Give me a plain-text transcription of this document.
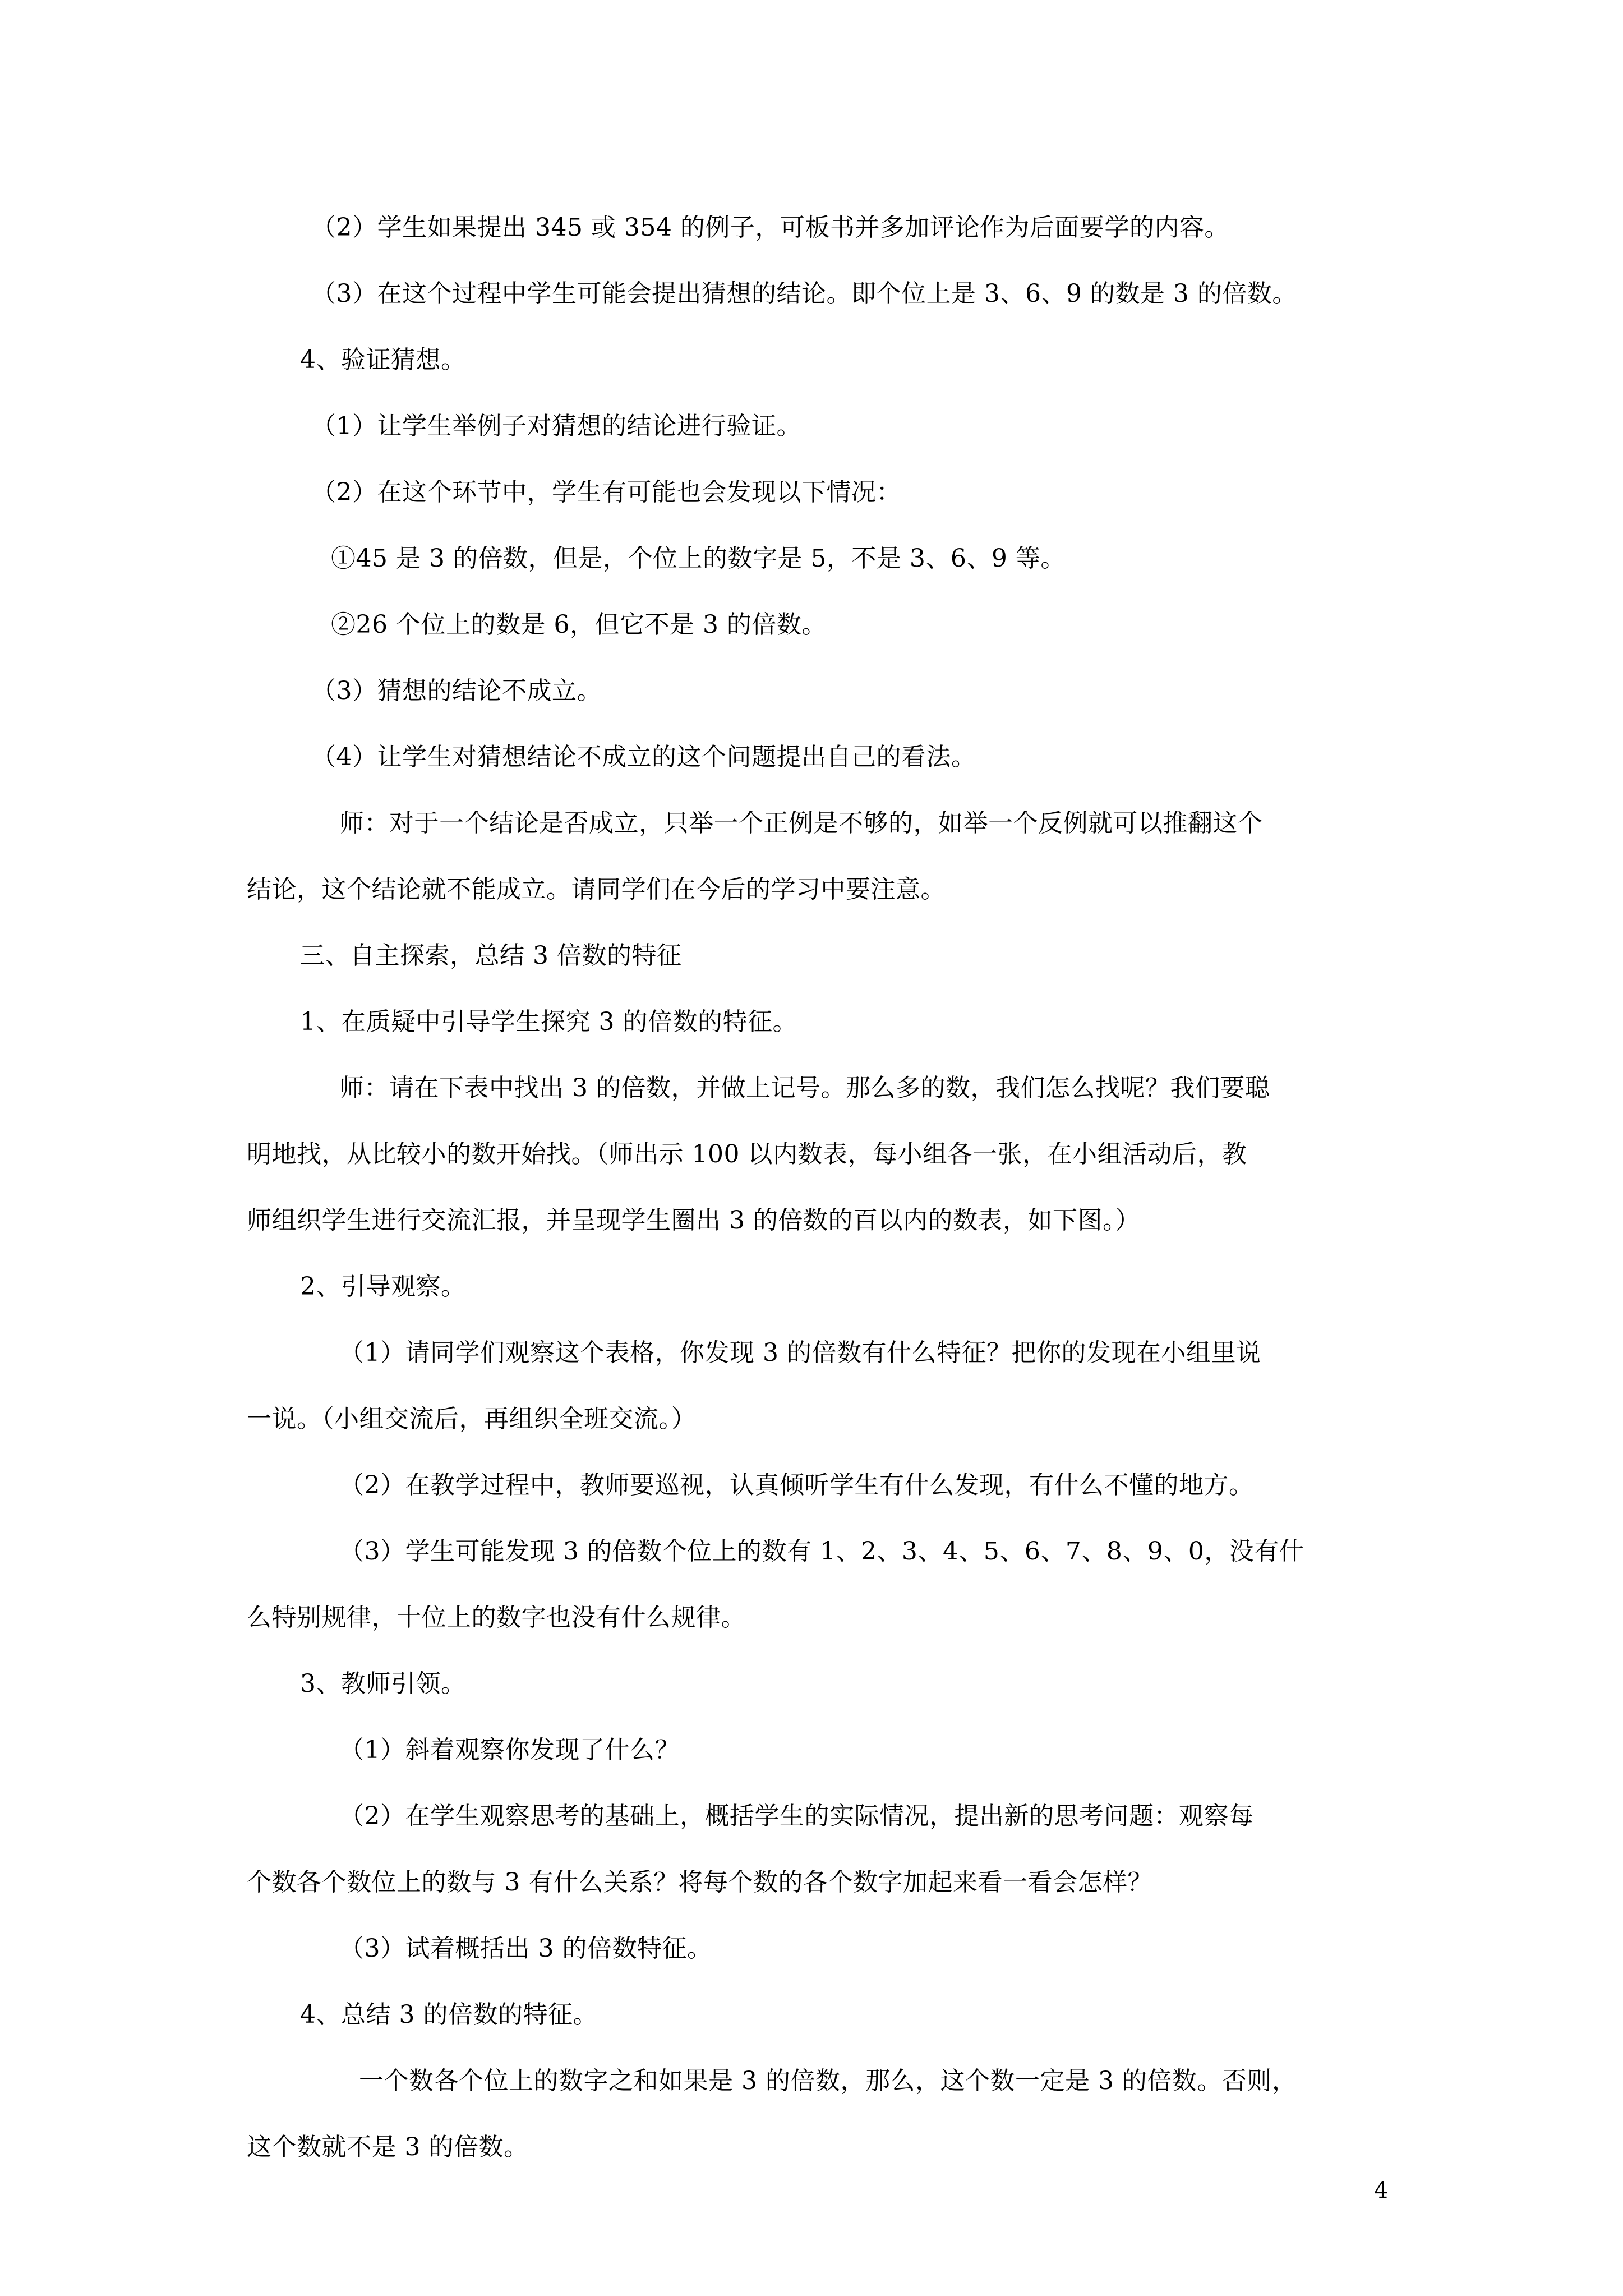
（2）学生如果提出 345 或 354 的例子，可板书并多加评论作为后面要学的内容。
（3）在这个过程中学生可能会提出猜想的结论。即个位上是 3、6、9 的数是 3 的倍数。
4、验证猜想。
（1）让学生举例子对猜想的结论进行验证。
（2）在这个环节中，学生有可能也会发现以下情况：
①45 是 3 的倍数，但是，个位上的数字是 5，不是 3、6、9 等。
②26 个位上的数是 6，但它不是 3 的倍数。
（3）猜想的结论不成立。
（4）让学生对猜想结论不成立的这个问题提出自己的看法。
师：对于一个结论是否成立，只举一个正例是不够的，如举一个反例就可以推翻这个
结论，这个结论就不能成立。请同学们在今后的学习中要注意。
三、自主探索，总结 3 倍数的特征
1、在质疑中引导学生探究 3 的倍数的特征。
师：请在下表中找出 3 的倍数，并做上记号。那么多的数，我们怎么找呢？我们要聪
明地找，从比较小的数开始找。（师出示 100 以内数表，每小组各一张，在小组活动后，教
师组织学生进行交流汇报，并呈现学生圈出 3 的倍数的百以内的数表，如下图。）
2、引导观察。
（1）请同学们观察这个表格，你发现 3 的倍数有什么特征？把你的发现在小组里说
一说。（小组交流后，再组织全班交流。）
（2）在教学过程中，教师要巡视，认真倾听学生有什么发现，有什么不懂的地方。
（3）学生可能发现 3 的倍数个位上的数有 1、2、3、4、5、6、7、8、9、0，没有什
么特别规律，十位上的数字也没有什么规律。
3、教师引领。
（1）斜着观察你发现了什么？
（2）在学生观察思考的基础上，概括学生的实际情况，提出新的思考问题：观察每
个数各个数位上的数与 3 有什么关系？将每个数的各个数字加起来看一看会怎样？
（3）试着概括出 3 的倍数特征。
4、总结 3 的倍数的特征。
一个数各个位上的数字之和如果是 3 的倍数，那么，这个数一定是 3 的倍数。否则，
这个数就不是 3 的倍数。
4
